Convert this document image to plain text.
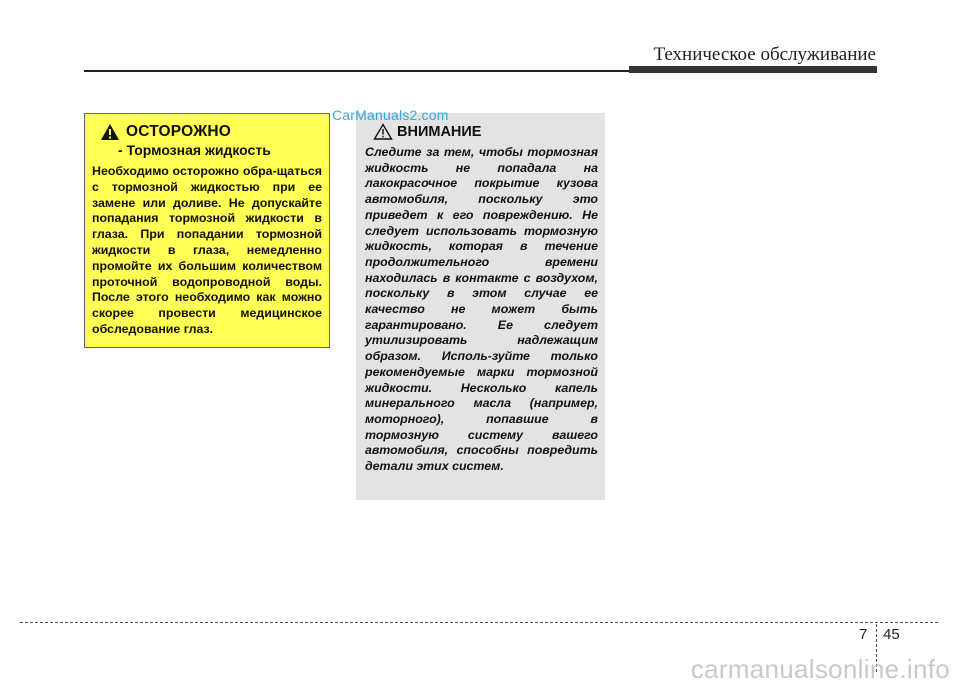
Техническое обслуживание
ОСТОРОЖНО
- Тормозная жидкость

Необходимо осторожно обра-щаться с тормозной жидкостью при ее замене или доливе. Не допускайте попадания тормозной жидкости в глаза. При попадании тормозной жидкости в глаза, немедленно промойте их большим количеством проточной водопроводной воды. После этого необходимо как можно скорее провести медицинское обследование глаз.

ВНИМАНИЕ

Следите за тем, чтобы тормозная жидкость не попадала на лакокрасочное покрытие кузова автомобиля, поскольку это приведет к его повреждению. Не следует использовать тормозную жидкость, которая в течение продолжительного времени находилась в контакте с воздухом, поскольку в этом случае ее качество не может быть гарантировано. Ее следует утилизировать надлежащим образом. Исполь-зуйте только рекомендуемые марки тормозной жидкости. Несколько капель минерального масла (например, моторного), попавшие в тормозную систему вашего автомобиля, способны повредить детали этих систем.

CarManuals2.com
7 45
carmanualsonline.info
